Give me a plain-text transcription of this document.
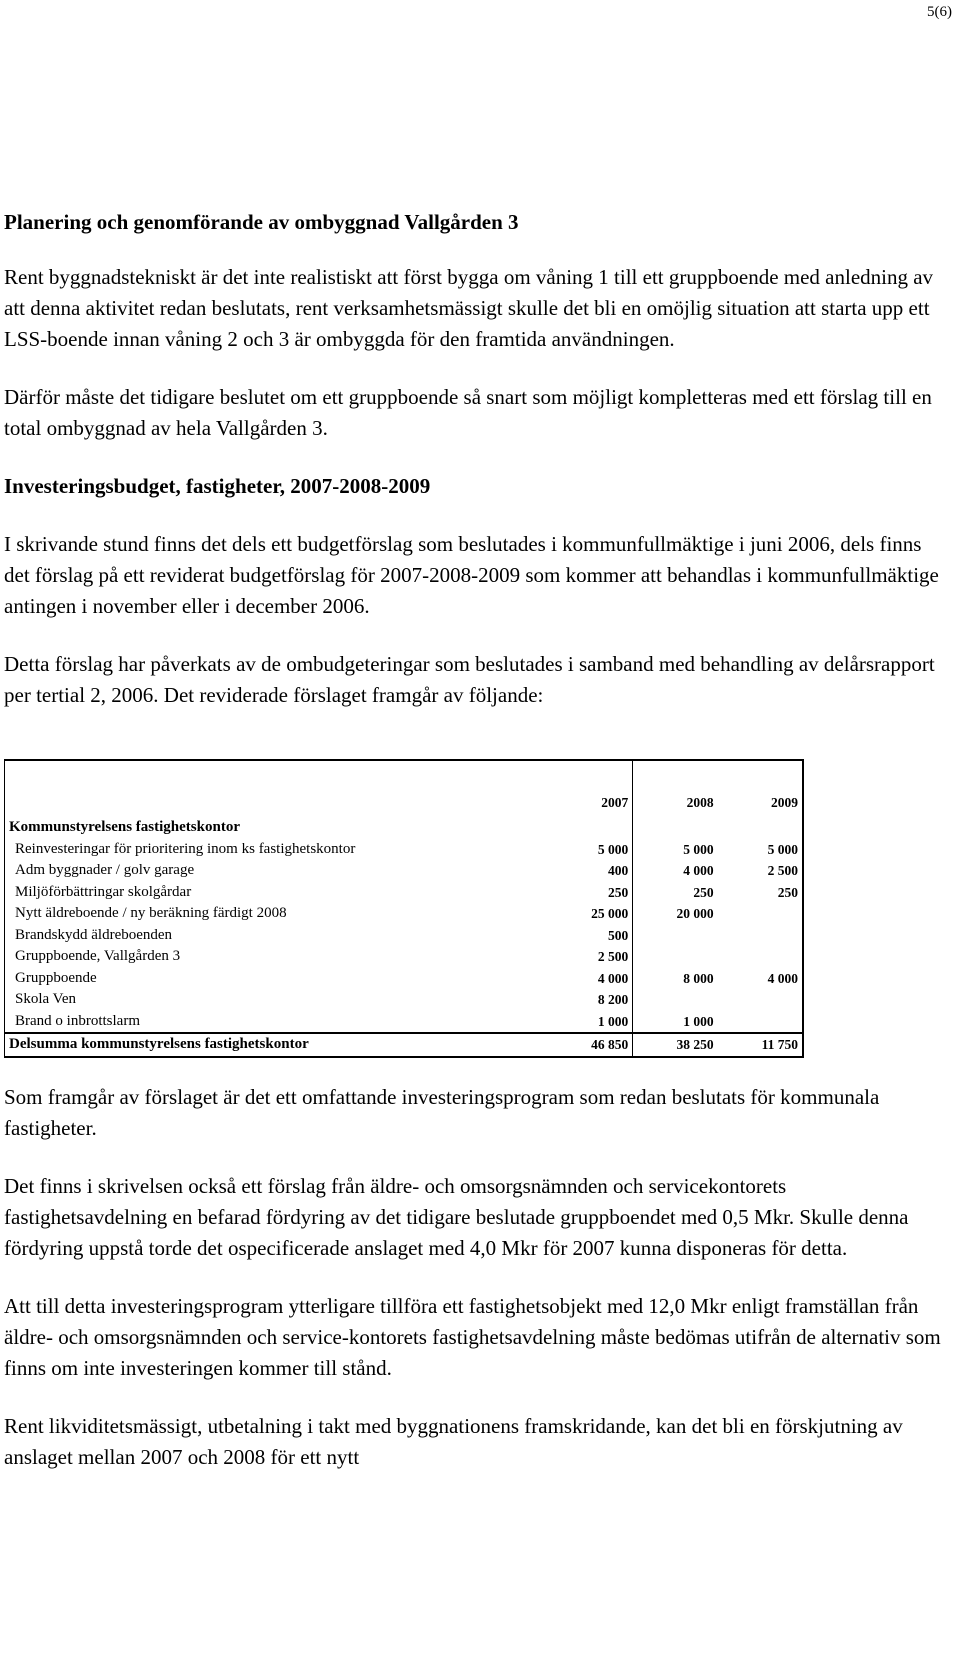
5(6)
Planering och genomförande av ombyggnad Vallgården 3

Rent byggnadstekniskt är det inte realistiskt att först bygga om våning 1 till ett gruppboende med anledning av att denna aktivitet redan beslutats, rent verksamhetsmässigt skulle det bli en omöjlig situation att starta upp ett LSS-boende innan våning 2 och 3 är ombyggda för den framtida användningen.

Därför måste det tidigare beslutet om ett gruppboende så snart som möjligt kompletteras med ett förslag till en total ombyggnad av hela Vallgården 3.

Investeringsbudget, fastigheter, 2007-2008-2009

I skrivande stund finns det dels ett budgetförslag som beslutades i kommunfullmäktige i juni 2006, dels finns det förslag på ett reviderat budgetförslag för 2007-2008-2009 som kommer att behandlas i kommunfullmäktige antingen i november eller i december 2006.

Detta förslag har påverkats av de ombudgeteringar som beslutades i samband med behandling av delårsrapport per tertial 2, 2006. Det reviderade förslaget framgår av följande:

	2007	2008	2009
Kommunstyrelsens fastighetskontor			
Reinvesteringar för prioritering inom ks fastighetskontor	5 000	5 000	5 000
Adm byggnader / golv garage	400	4 000	2 500
Miljöförbättringar skolgårdar	250	250	250
Nytt äldreboende / ny beräkning färdigt 2008	25 000	20 000	
Brandskydd äldreboenden	500		
Gruppboende, Vallgården 3	2 500		
Gruppboende	4 000	8 000	4 000
Skola Ven	8 200		
Brand o inbrottslarm	1 000	1 000	
Delsumma kommunstyrelsens fastighetskontor	46 850	38 250	11 750

Som framgår av förslaget är det ett omfattande investeringsprogram som redan beslutats för kommunala fastigheter.

Det finns i skrivelsen också ett förslag från äldre- och omsorgsnämnden och servicekontorets fastighetsavdelning en befarad fördyring av det tidigare beslutade gruppboendet med 0,5 Mkr. Skulle denna fördyring uppstå torde det ospecificerade anslaget med 4,0 Mkr för 2007 kunna disponeras för detta.

Att till detta investeringsprogram ytterligare tillföra ett fastighetsobjekt med 12,0 Mkr enligt framställan från äldre- och omsorgsnämnden och service-kontorets fastighetsavdelning måste bedömas utifrån de alternativ som finns om inte investeringen kommer till stånd.

Rent likviditetsmässigt, utbetalning i takt med byggnationens framskridande, kan det bli en förskjutning av anslaget mellan 2007 och 2008 för ett nytt
